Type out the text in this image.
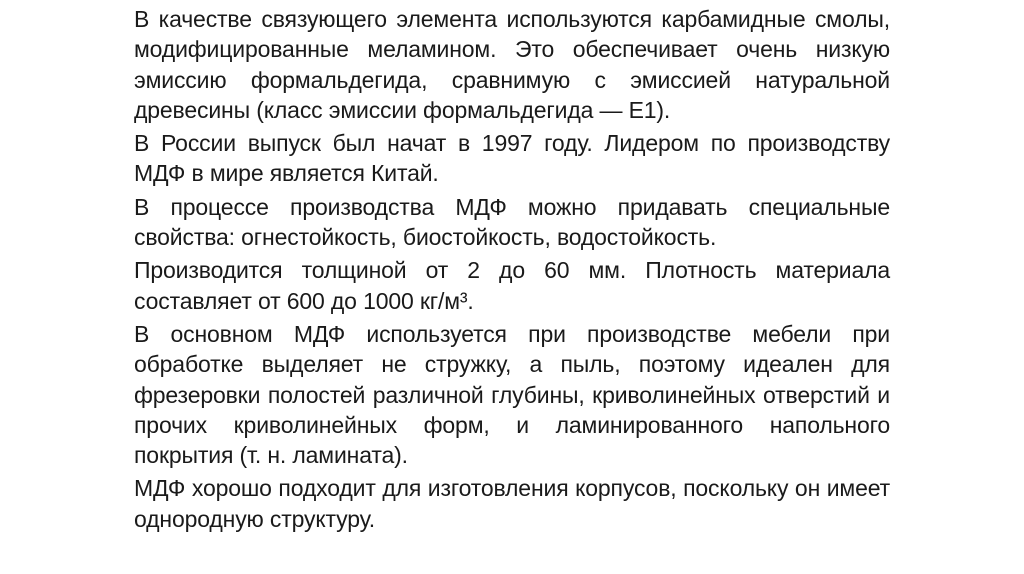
В качестве связующего элемента используются карбамидные смолы, модифицированные меламином. Это обеспечивает очень низкую эмиссию формальдегида, сравнимую с эмиссией натуральной древесины (класс эмиссии формальдегида — Е1).

В России выпуск был начат в 1997 году. Лидером по производству МДФ в мире является Китай.

В процессе производства МДФ можно придавать специальные свойства: огнестойкость, биостойкость, водостойкость.

Производится толщиной от 2 до 60 мм. Плотность материала составляет от 600 до 1000 кг/м³.

В основном МДФ используется при производстве мебели при обработке выделяет не стружку, а пыль, поэтому идеален для фрезеровки полостей различной глубины, криволинейных отверстий и прочих криволинейных форм, и ламинированного напольного покрытия (т. н. ламината).

МДФ хорошо подходит для изготовления корпусов, поскольку он имеет однородную структуру.
